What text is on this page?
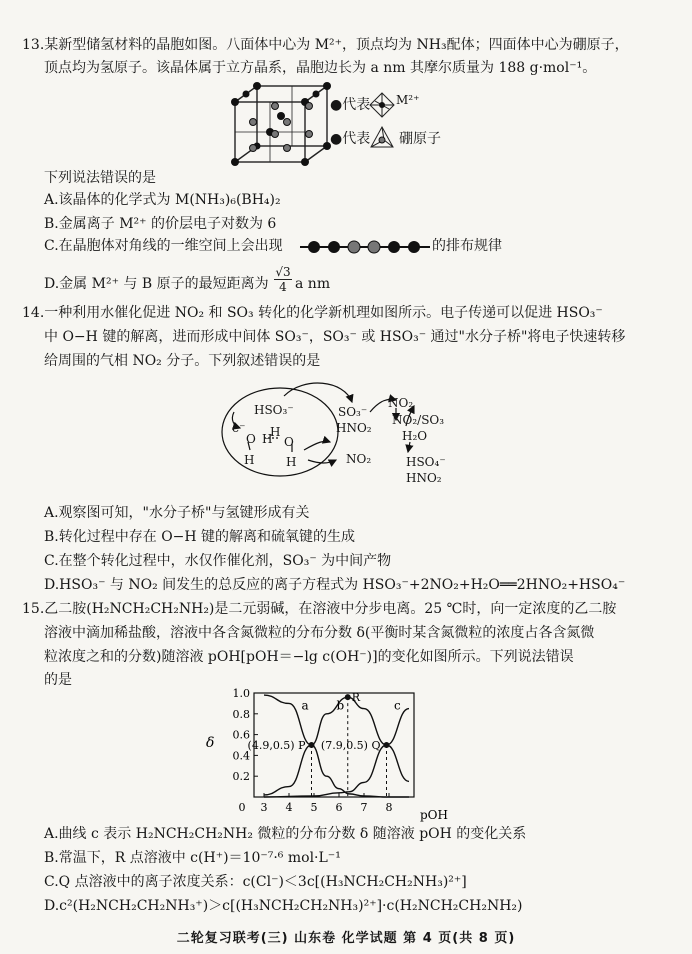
13.某新型储氢材料的晶胞如图。八面体中心为 M²⁺，顶点均为 NH₃配体；四面体中心为硼原子，
顶点均为氢原子。该晶体属于立方晶系，晶胞边长为 a nm 其摩尔质量为 188 g·mol⁻¹。
●代表 M²⁺
●代表 硼原子
下列说法错误的是
A.该晶体的化学式为 M(NH₃)₆(BH₄)₂
B.金属离子 M²⁺ 的价层电子对数为 6
C.在晶胞体对角线的一维空间上会出现	的排布规律
D.金属 M²⁺ 与 B 原子的最短距离为 $\frac{√3}{4}$ a nm
14.一种利用水催化促进 NO₂ 和 SO₃ 转化的化学新机理如图所示。电子传递可以促进 HSO₃⁻
中 O−H 键的解离，进而形成中间体 SO₃⁻，SO₃⁻ 或 HSO₃⁻ 通过"水分子桥"将电子快速转移
给周围的气相 NO₂ 分子。下列叙述错误的是
HSO₃⁻
e⁻
O H O
H
H	H
SO₃⁻
HNO₂
NO₂
NO₂/SO₃
H₂O
NO₂	HSO₄⁻
HNO₂
A.观察图可知，"水分子桥"与氢键形成有关
B.转化过程中存在 O−H 键的解离和硫氧键的生成
C.在整个转化过程中，水仅作催化剂，SO₃⁻ 为中间产物
D.HSO₃⁻ 与 NO₂ 间发生的总反应的离子方程式为 HSO₃⁻+2NO₂+H₂O══2HNO₂+HSO₄⁻
15.乙二胺(H₂NCH₂CH₂NH₂)是二元弱碱，在溶液中分步电离。25 ℃时，向一定浓度的乙二胺
溶液中滴加稀盐酸，溶液中各含氮微粒的分布分数 δ(平衡时某含氮微粒的浓度占各含氮微
粒浓度之和的分数)随溶液 pOH[pOH＝−lg c(OH⁻)]的变化如图所示。下列说法错误
的是
0.2
0.4
0.6
0.8
1.0
0 3 4 5 6 7 8
a b	c
(4.9,0.5) P (7.9,0.5) Q
R
δ
pOH
A.曲线 c 表示 H₂NCH₂CH₂NH₂ 微粒的分布分数 δ 随溶液 pOH 的变化关系
B.常温下，R 点溶液中 c(H⁺)＝10⁻⁷·⁶ mol·L⁻¹
C.Q 点溶液中的离子浓度关系：c(Cl⁻)＜3c[(H₃NCH₂CH₂NH₃)²⁺]
D.c²(H₂NCH₂CH₂NH₃⁺)＞c[(H₃NCH₂CH₂NH₃)²⁺]·c(H₂NCH₂CH₂NH₂)
二轮复习联考(三) 山东卷 化学试题 第 4 页(共 8 页)
